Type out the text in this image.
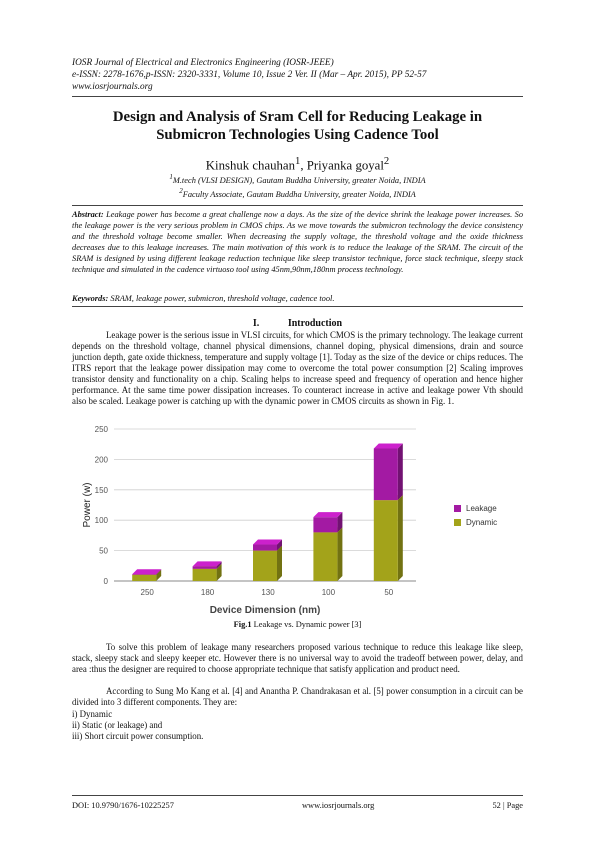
IOSR Journal of Electrical and Electronics Engineering (IOSR-JEEE)
e-ISSN: 2278-1676,p-ISSN: 2320-3331, Volume 10, Issue 2 Ver. II (Mar – Apr. 2015), PP 52-57
www.iosrjournals.org
Design and Analysis of Sram Cell for Reducing Leakage in
Submicron Technologies Using Cadence Tool
Kinshuk chauhan$^1$, Priyanka goyal$^2$
$^1$M.tech (VLSI DESIGN), Gautam Buddha University, greater Noida, INDIA
$^2$Faculty Associate, Gautam Buddha University, greater Noida, INDIA
Abstract: Leakage power has become a great challenge now a days. As the size of the device shrink the leakage power increases. So the leakage power is the very serious problem in CMOS chips. As we move towards the submicron technology the device consistency and the threshold voltage become smaller. When decreasing the supply voltage, the threshold voltage and the oxide thickness decreases due to this leakage increases. The main motivation of this work is to reduce the leakage of the SRAM. The circuit of the SRAM is designed by using different leakage reduction technique like sleep transistor technique, force stack technique, sleepy stack technique and simulated in the cadence virtuoso tool using 45nm,90nm,180nm process technology.
Keywords: SRAM, leakage power, submicron, threshold voltage, cadence tool.
I.	Introduction
Leakage power is the serious issue in VLSI circuits, for which CMOS is the primary technology. The leakage current depends on the threshold voltage, channel physical dimensions, channel doping, physical dimensions, drain and source junction depth, gate oxide thickness, temperature and supply voltage [1]. Today as the size of the device or chips reduces. The ITRS report that the leakage power dissipation may come to overcome the total power consumption [2] Scaling improves transistor density and functionality on a chip. Scaling helps to increase speed and frequency of operation and hence higher performance. At the same time power dissipation increases. To counteract increase in active and leakage power Vth should also be scaled. Leakage power is catching up with the dynamic power in CMOS circuits as shown in Fig. 1.
0
50
100
150
200
250
250	180	130	100	50
Power (w)
Device Dimension (nm)
Leakage
Dynamic
Fig.1 Leakage vs. Dynamic power [3]
To solve this problem of leakage many researchers proposed various technique to reduce this leakage like sleep, stack, sleepy stack and sleepy keeper etc. However there is no universal way to avoid the tradeoff between power, delay, and area :thus the designer are required to choose appropriate technique that satisfy application and product need.
According to Sung Mo Kang et al. [4] and Anantha P. Chandrakasan et al. [5] power consumption in a circuit can be divided into 3 different components. They are:
i) Dynamic
ii) Static (or leakage) and
iii) Short circuit power consumption.
DOI: 10.9790/1676-10225257	www.iosrjournals.org	52 | Page
